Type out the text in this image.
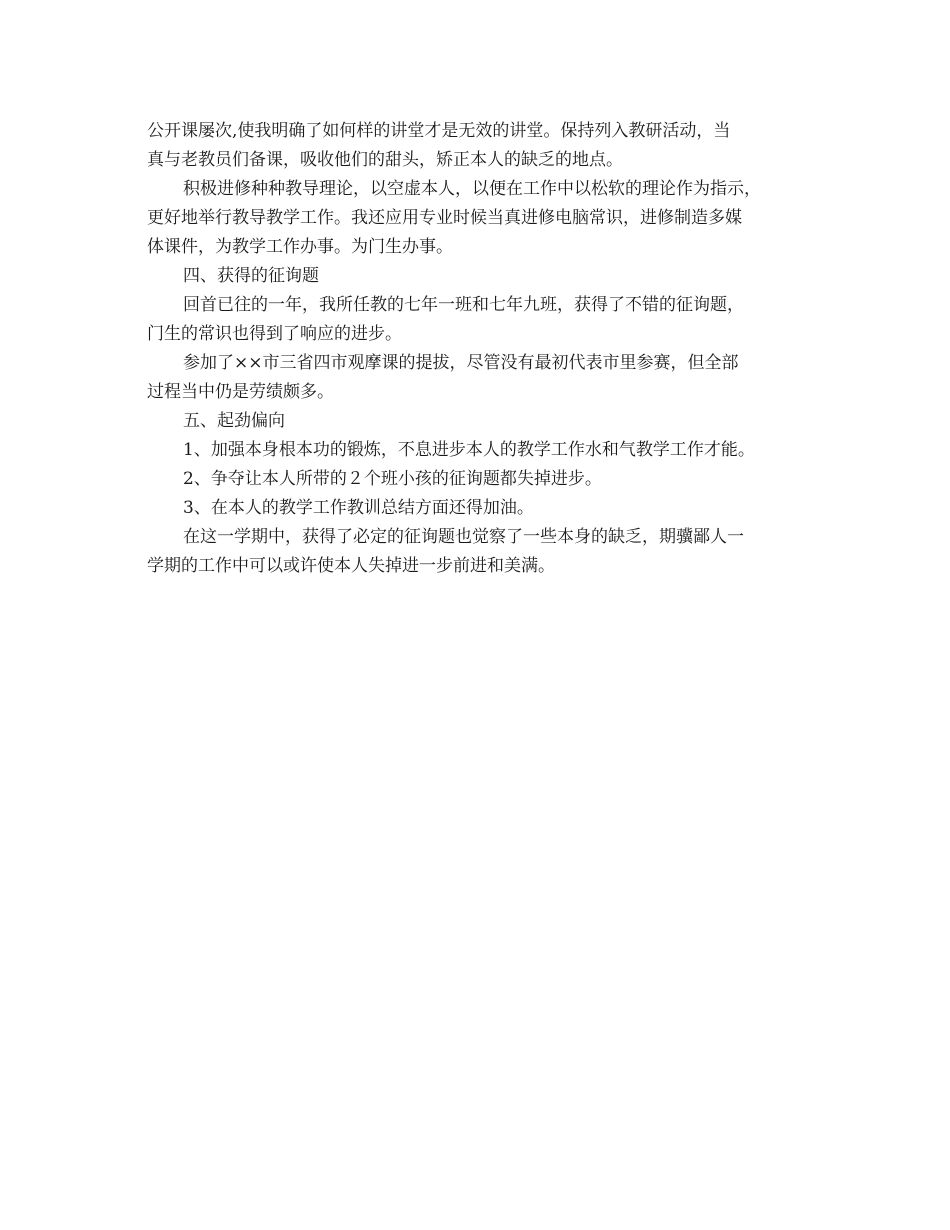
公开课屡次,使我明确了如何样的讲堂才是无效的讲堂。保持列入教研活动，当
真与老教员们备课，吸收他们的甜头，矫正本人的缺乏的地点。

积极进修种种教导理论，以空虚本人，以便在工作中以松软的理论作为指示，
更好地举行教导教学工作。我还应用专业时候当真进修电脑常识，进修制造多媒
体课件，为教学工作办事。为门生办事。

四、获得的征询题

回首已往的一年，我所任教的七年一班和七年九班，获得了不错的征询题，
门生的常识也得到了响应的进步。

参加了××市三省四市观摩课的提拔，尽管没有最初代表市里参赛，但全部
过程当中仍是劳绩颇多。

五、起劲偏向

1、加强本身根本功的锻炼，不息进步本人的教学工作水和气教学工作才能。

2、争夺让本人所带的２个班小孩的征询题都失掉进步。

3、在本人的教学工作教训总结方面还得加油。

在这一学期中，获得了必定的征询题也觉察了一些本身的缺乏，期骥鄙人一
学期的工作中可以或许使本人失掉进一步前进和美满。
